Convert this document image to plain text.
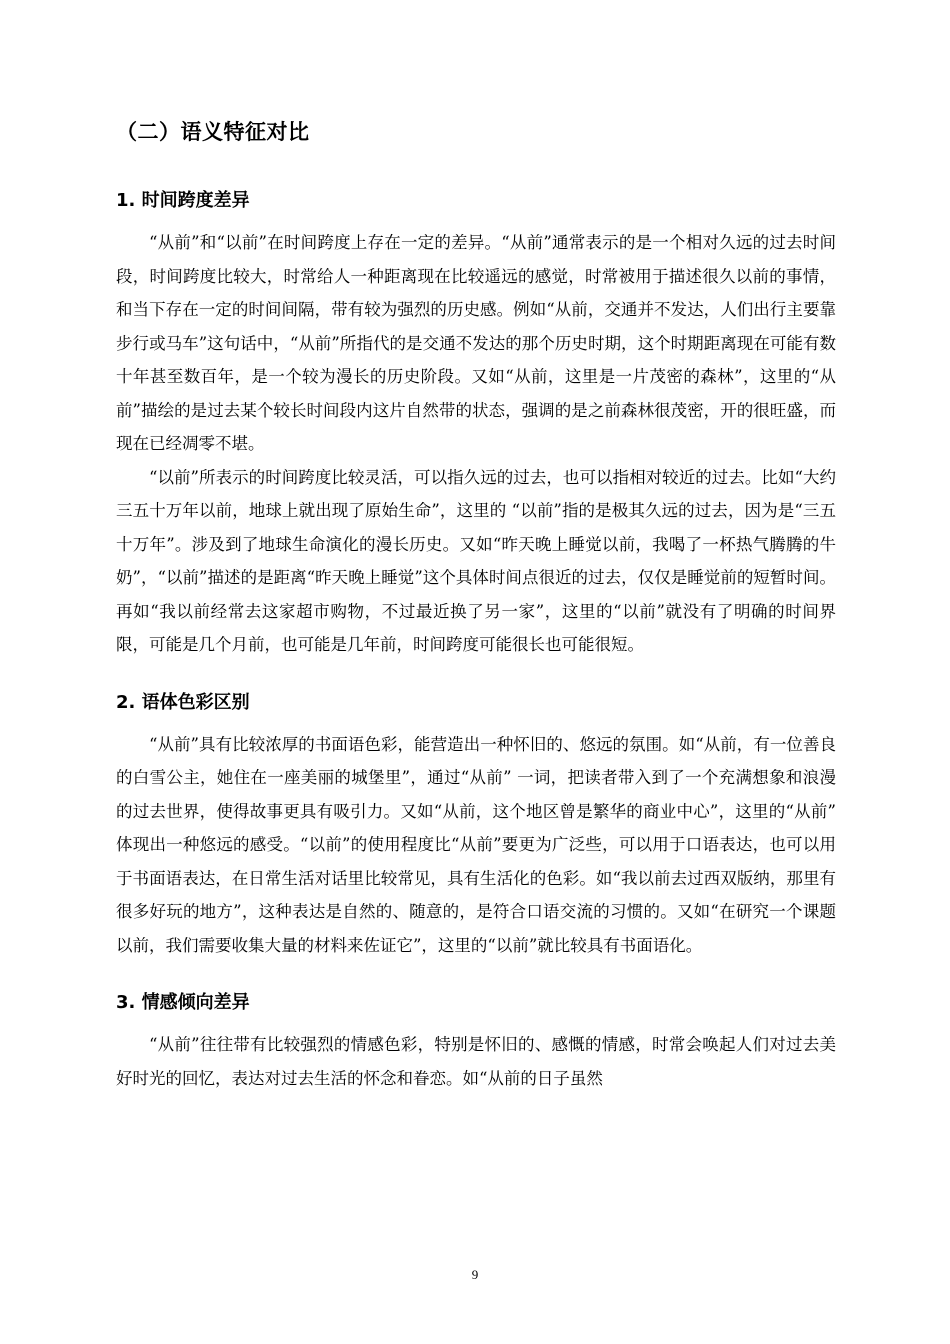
（二）语义特征对比
1. 时间跨度差异

“从前”和“以前”在时间跨度上存在一定的差异。“从前”通常表示的是一个相对久远的过去时间段，时间跨度比较大，时常给人一种距离现在比较遥远的感觉，时常被用于描述很久以前的事情，和当下存在一定的时间间隔，带有较为强烈的历史感。例如“从前，交通并不发达，人们出行主要靠步行或马车”这句话中，“从前”所指代的是交通不发达的那个历史时期，这个时期距离现在可能有数十年甚至数百年，是一个较为漫长的历史阶段。又如“从前，这里是一片茂密的森林”，这里的“从前”描绘的是过去某个较长时间段内这片自然带的状态，强调的是之前森林很茂密，开的很旺盛，而现在已经凋零不堪。

“以前”所表示的时间跨度比较灵活，可以指久远的过去，也可以指相对较近的过去。比如“大约三五十万年以前，地球上就出现了原始生命”，这里的 “以前”指的是极其久远的过去，因为是“三五十万年”。涉及到了地球生命演化的漫长历史。又如“昨天晚上睡觉以前，我喝了一杯热气腾腾的牛奶”，“以前”描述的是距离“昨天晚上睡觉”这个具体时间点很近的过去，仅仅是睡觉前的短暂时间。再如“我以前经常去这家超市购物，不过最近换了另一家”，这里的“以前”就没有了明确的时间界限，可能是几个月前，也可能是几年前，时间跨度可能很长也可能很短。

2. 语体色彩区别

“从前”具有比较浓厚的书面语色彩，能营造出一种怀旧的、悠远的氛围。如“从前，有一位善良的白雪公主，她住在一座美丽的城堡里”，通过“从前” 一词，把读者带入到了一个充满想象和浪漫的过去世界，使得故事更具有吸引力。又如“从前，这个地区曾是繁华的商业中心”，这里的“从前” 体现出一种悠远的感受。“以前”的使用程度比“从前”要更为广泛些，可以用于口语表达，也可以用于书面语表达，在日常生活对话里比较常见，具有生活化的色彩。如“我以前去过西双版纳，那里有很多好玩的地方”，这种表达是自然的、随意的，是符合口语交流的习惯的。又如“在研究一个课题以前，我们需要收集大量的材料来佐证它”，这里的“以前”就比较具有书面语化。

3. 情感倾向差异

“从前”往往带有比较强烈的情感色彩，特别是怀旧的、感慨的情感，时常会唤起人们对过去美好时光的回忆，表达对过去生活的怀念和眷恋。如“从前的日子虽然

9
